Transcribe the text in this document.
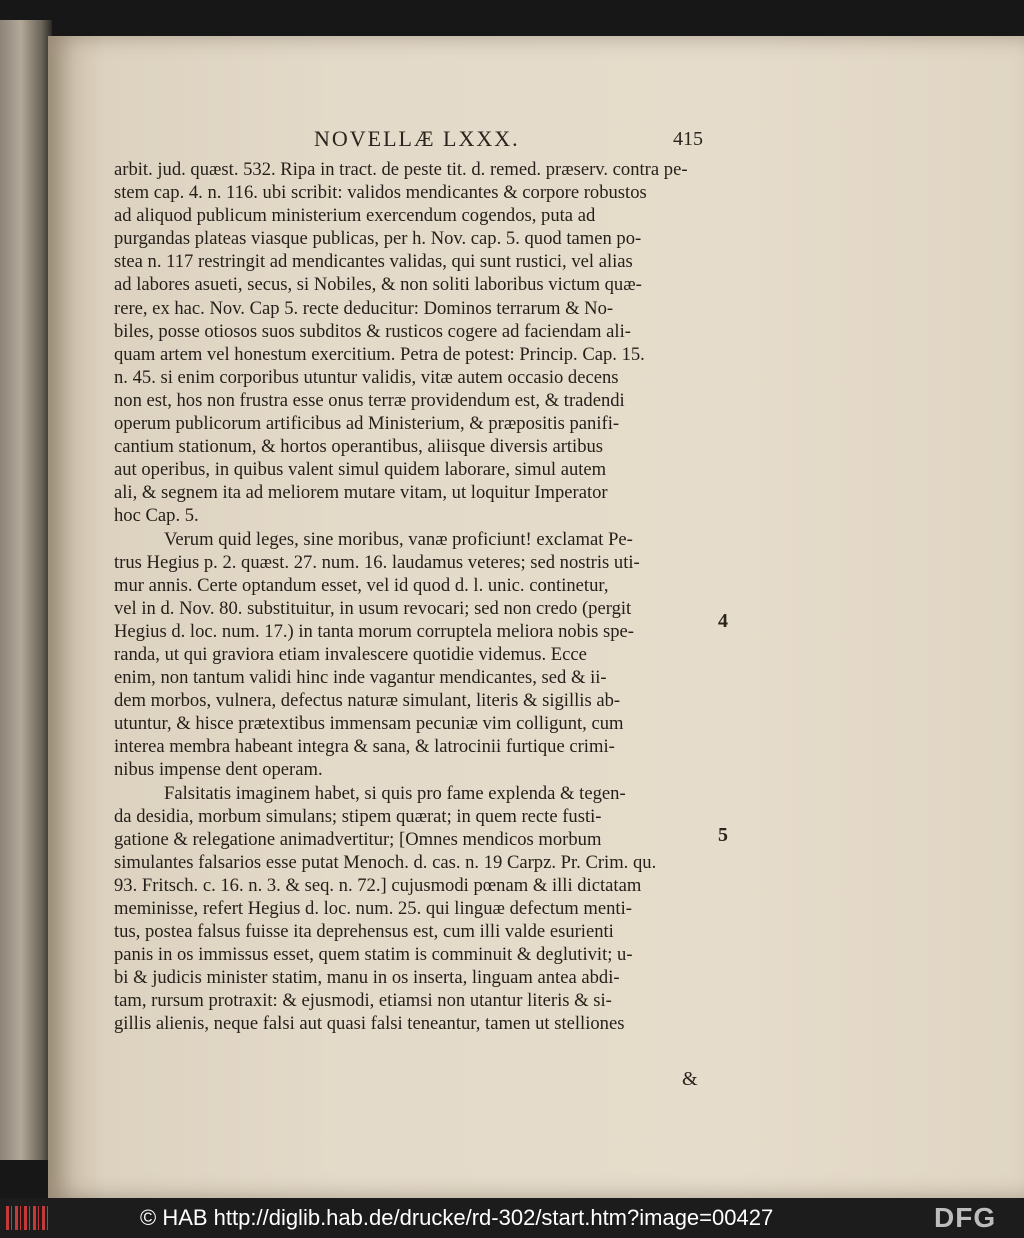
NOVELLÆ LXXX.	415
arbit. jud. quæst. 532. Ripa in tract. de peste tit. d. remed. præserv. contra pe-
stem cap. 4. n. 116. ubi scribit: validos mendicantes & corpore robustos
ad aliquod publicum ministerium exercendum cogendos, puta ad
purgandas plateas viasque publicas, per h. Nov. cap. 5. quod tamen po-
stea n. 117 restringit ad mendicantes validas, qui sunt rustici, vel alias
ad labores asueti, secus, si Nobiles, & non soliti laboribus victum quæ-
rere, ex hac. Nov. Cap 5. recte deducitur: Dominos terrarum & No-
biles, posse otiosos suos subditos & rusticos cogere ad faciendam ali-
quam artem vel honestum exercitium. Petra de potest: Princip. Cap. 15.
n. 45. si enim corporibus utuntur validis, vitæ autem occasio decens
non est, hos non frustra esse onus terræ providendum est, & tradendi
operum publicorum artificibus ad Ministerium, & præpositis panifi-
cantium stationum, & hortos operantibus, aliisque diversis artibus
aut operibus, in quibus valent simul quidem laborare, simul autem
ali, & segnem ita ad meliorem mutare vitam, ut loquitur Imperator
hoc Cap. 5.
Verum quid leges, sine moribus, vanæ proficiunt! exclamat Pe-
trus Hegius p. 2. quæst. 27. num. 16. laudamus veteres; sed nostris uti-
mur annis. Certe optandum esset, vel id quod d. l. unic. continetur,
vel in d. Nov. 80. substituitur, in usum revocari; sed non credo (pergit
Hegius d. loc. num. 17.) in tanta morum corruptela meliora nobis spe-
randa, ut qui graviora etiam invalescere quotidie videmus. Ecce
enim, non tantum validi hinc inde vagantur mendicantes, sed & ii-
dem morbos, vulnera, defectus naturæ simulant, literis & sigillis ab-
utuntur, & hisce prætextibus immensam pecuniæ vim colligunt, cum
interea membra habeant integra & sana, & latrocinii furtique crimi-
nibus impense dent operam.
Falsitatis imaginem habet, si quis pro fame explenda & tegen-
da desidia, morbum simulans; stipem quærat; in quem recte fusti-
gatione & relegatione animadvertitur; [Omnes mendicos morbum
simulantes falsarios esse putat Menoch. d. cas. n. 19 Carpz. Pr. Crim. qu.
93. Fritsch. c. 16. n. 3. & seq. n. 72.] cujusmodi pœnam & illi dictatam
meminisse, refert Hegius d. loc. num. 25. qui linguæ defectum menti-
tus, postea falsus fuisse ita deprehensus est, cum illi valde esurienti
panis in os immissus esset, quem statim is comminuit & deglutivit; u-
bi & judicis minister statim, manu in os inserta, linguam antea abdi-
tam, rursum protraxit: & ejusmodi, etiamsi non utantur literis & si-
gillis alienis, neque falsi aut quasi falsi teneantur, tamen ut stelliones
4
5
&
© HAB http://diglib.hab.de/drucke/rd-302/start.htm?image=00427	DFG
